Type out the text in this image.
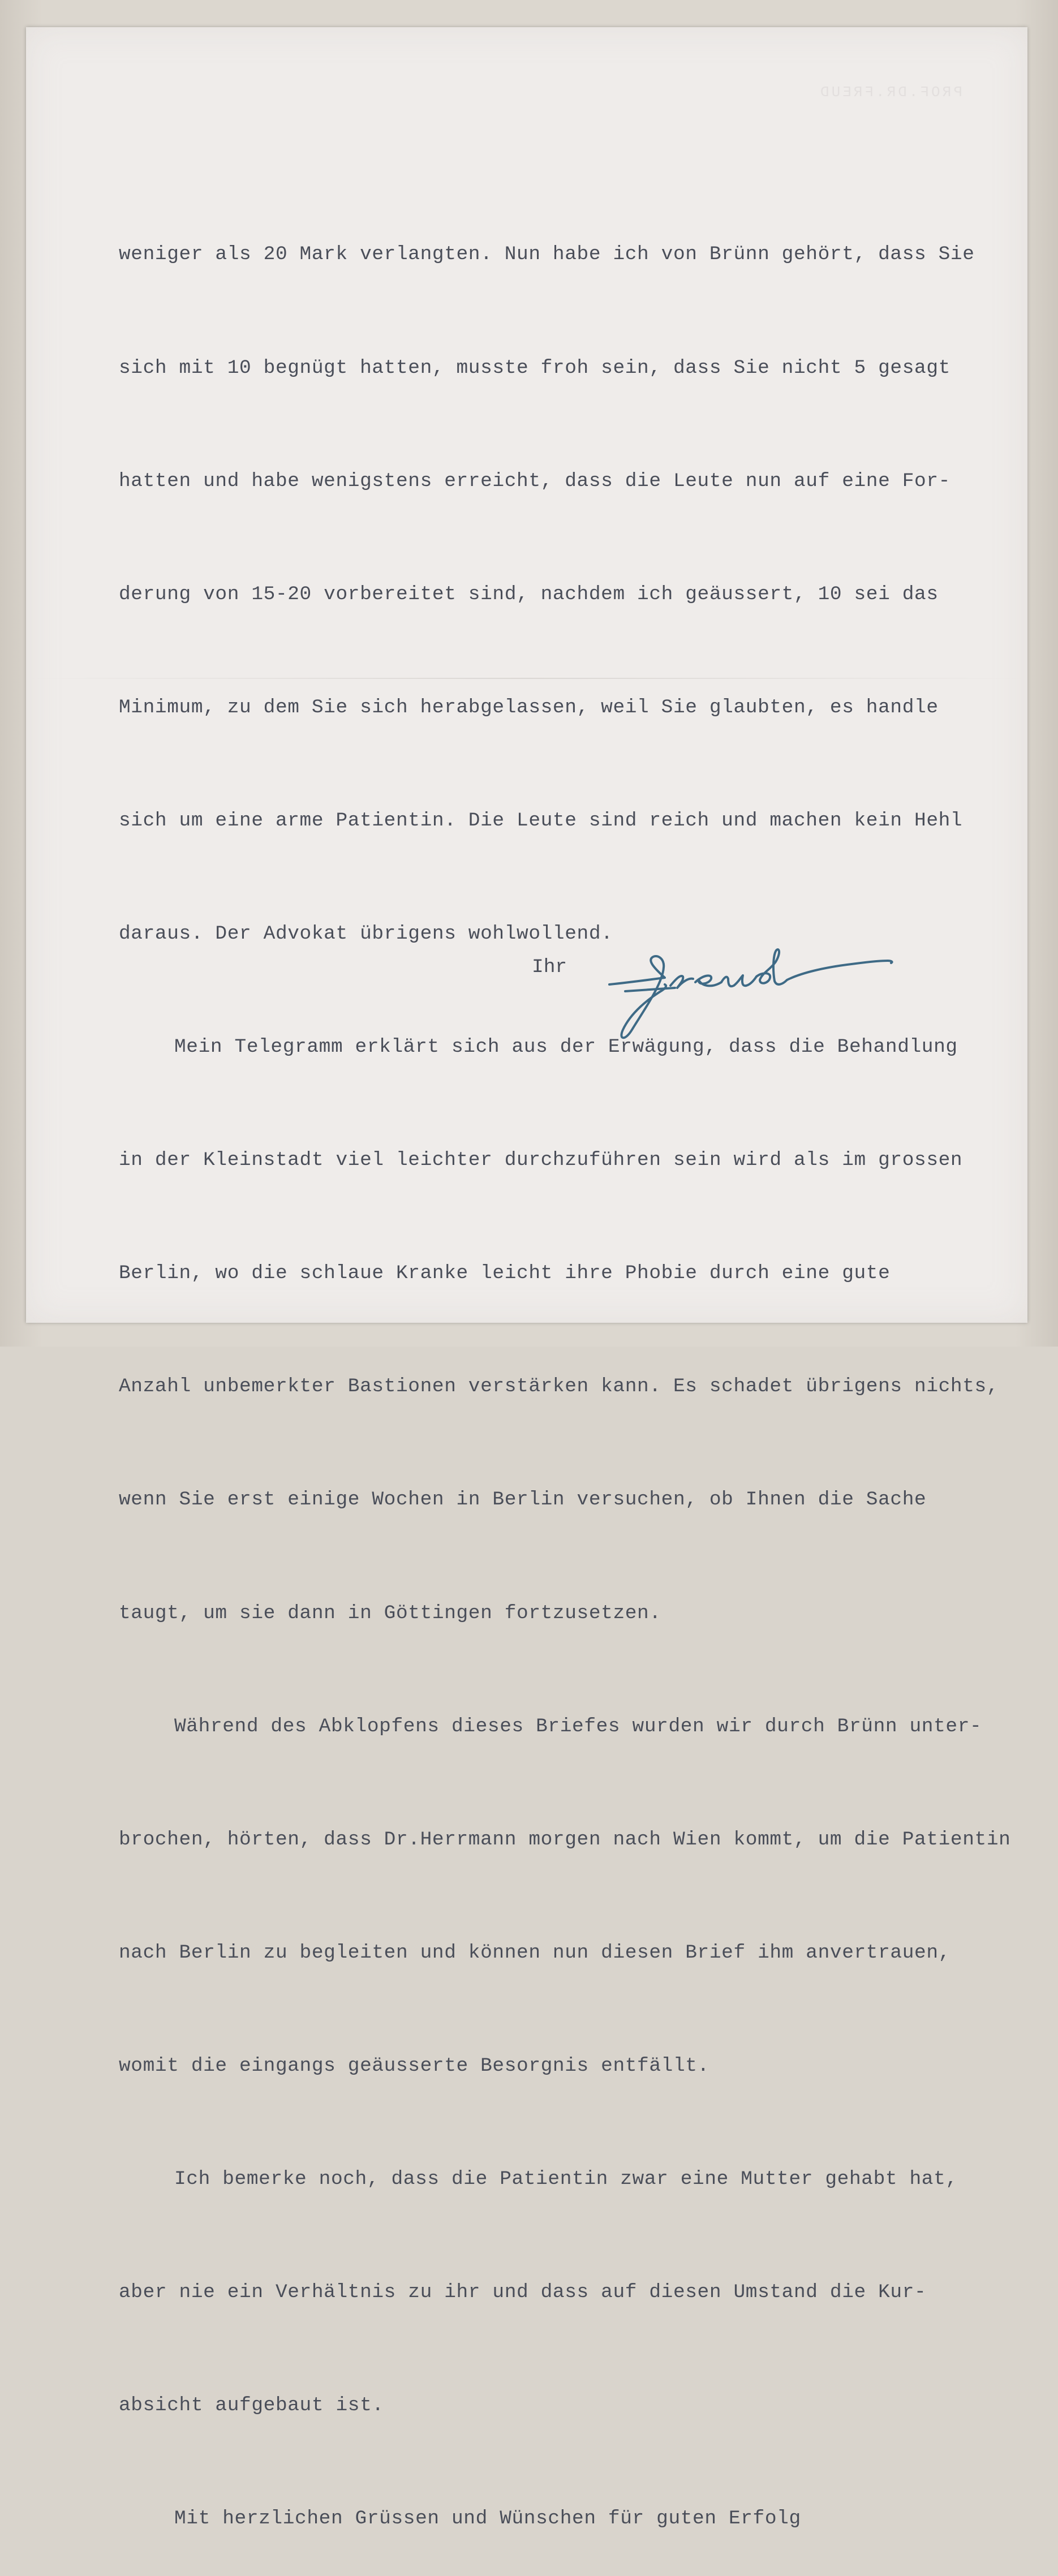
PROF.DR.FREUD

weniger als 20 Mark verlangten. Nun habe ich von Brünn gehört, dass Sie

sich mit 10 begnügt hatten, musste froh sein, dass Sie nicht 5 gesagt

hatten und habe wenigstens erreicht, dass die Leute nun auf eine For-

derung von 15-20 vorbereitet sind, nachdem ich geäussert, 10 sei das

Minimum, zu dem Sie sich herabgelassen, weil Sie glaubten, es handle

sich um eine arme Patientin. Die Leute sind reich und machen kein Hehl

daraus. Der Advokat übrigens wohlwollend.

Mein Telegramm erklärt sich aus der Erwägung, dass die Behandlung

in der Kleinstadt viel leichter durchzuführen sein wird als im grossen

Berlin, wo die schlaue Kranke leicht ihre Phobie durch eine gute

Anzahl unbemerkter Bastionen verstärken kann. Es schadet übrigens nichts,

wenn Sie erst einige Wochen in Berlin versuchen, ob Ihnen die Sache

taugt, um sie dann in Göttingen fortzusetzen.

Während des Abklopfens dieses Briefes wurden wir durch Brünn unter-

brochen, hörten, dass Dr.Herrmann morgen nach Wien kommt, um die Patientin

nach Berlin zu begleiten und können nun diesen Brief ihm anvertrauen,

womit die eingangs geäusserte Besorgnis entfällt.

Ich bemerke noch, dass die Patientin zwar eine Mutter gehabt hat,

aber nie ein Verhältnis zu ihr und dass auf diesen Umstand die Kur-

absicht aufgebaut ist.

Mit herzlichen Grüssen und Wünschen für guten Erfolg

Ihr
